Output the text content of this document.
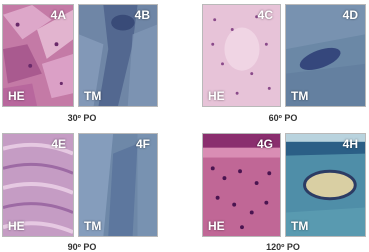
4A
HE
4B
TM
4C
HE
4D
TM
4E
HE
4F
TM
4G
HE
4H
TM
30º PO	60º PO
90º PO	120º PO
